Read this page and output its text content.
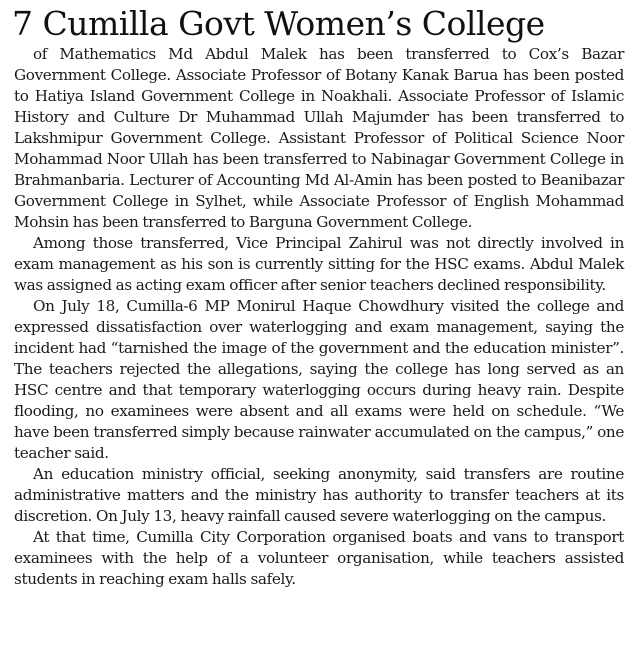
7 Cumilla Govt Women’s College

of Mathematics Md Abdul Malek has been transferred to Cox’s Bazar Government College. Associate Professor of Botany Kanak Barua has been posted to Hatiya Island Government College in Noakhali. Associate Professor of Islamic History and Culture Dr Muhammad Ullah Majumder has been transferred to Lakshmipur Government College. Assistant Professor of Political Science Noor Mohammad Noor Ullah has been transferred to Nabinagar Government College in Brahmanbaria. Lecturer of Accounting Md Al-Amin has been posted to Beanibazar Government College in Sylhet, while Associate Professor of English Mohammad Mohsin has been transferred to Barguna Government College.

Among those transferred, Vice Principal Zahirul was not directly involved in exam management as his son is currently sitting for the HSC exams. Abdul Malek was assigned as acting exam officer after senior teachers declined responsibility.

On July 18, Cumilla-6 MP Monirul Haque Chowdhury visited the college and expressed dissatisfaction over waterlogging and exam management, saying the incident had “tarnished the image of the government and the education minister”. The teachers rejected the allegations, saying the college has long served as an HSC centre and that temporary waterlogging occurs during heavy rain. Despite flooding, no examinees were absent and all exams were held on schedule. “We have been transferred simply because rainwater accumulated on the campus,” one teacher said.

An education ministry official, seeking anonymity, said transfers are routine administrative matters and the ministry has authority to transfer teachers at its discretion. On July 13, heavy rainfall caused severe waterlogging on the campus.

At that time, Cumilla City Corporation organised boats and vans to transport examinees with the help of a volunteer organisation, while teachers assisted students in reaching exam halls safely.
